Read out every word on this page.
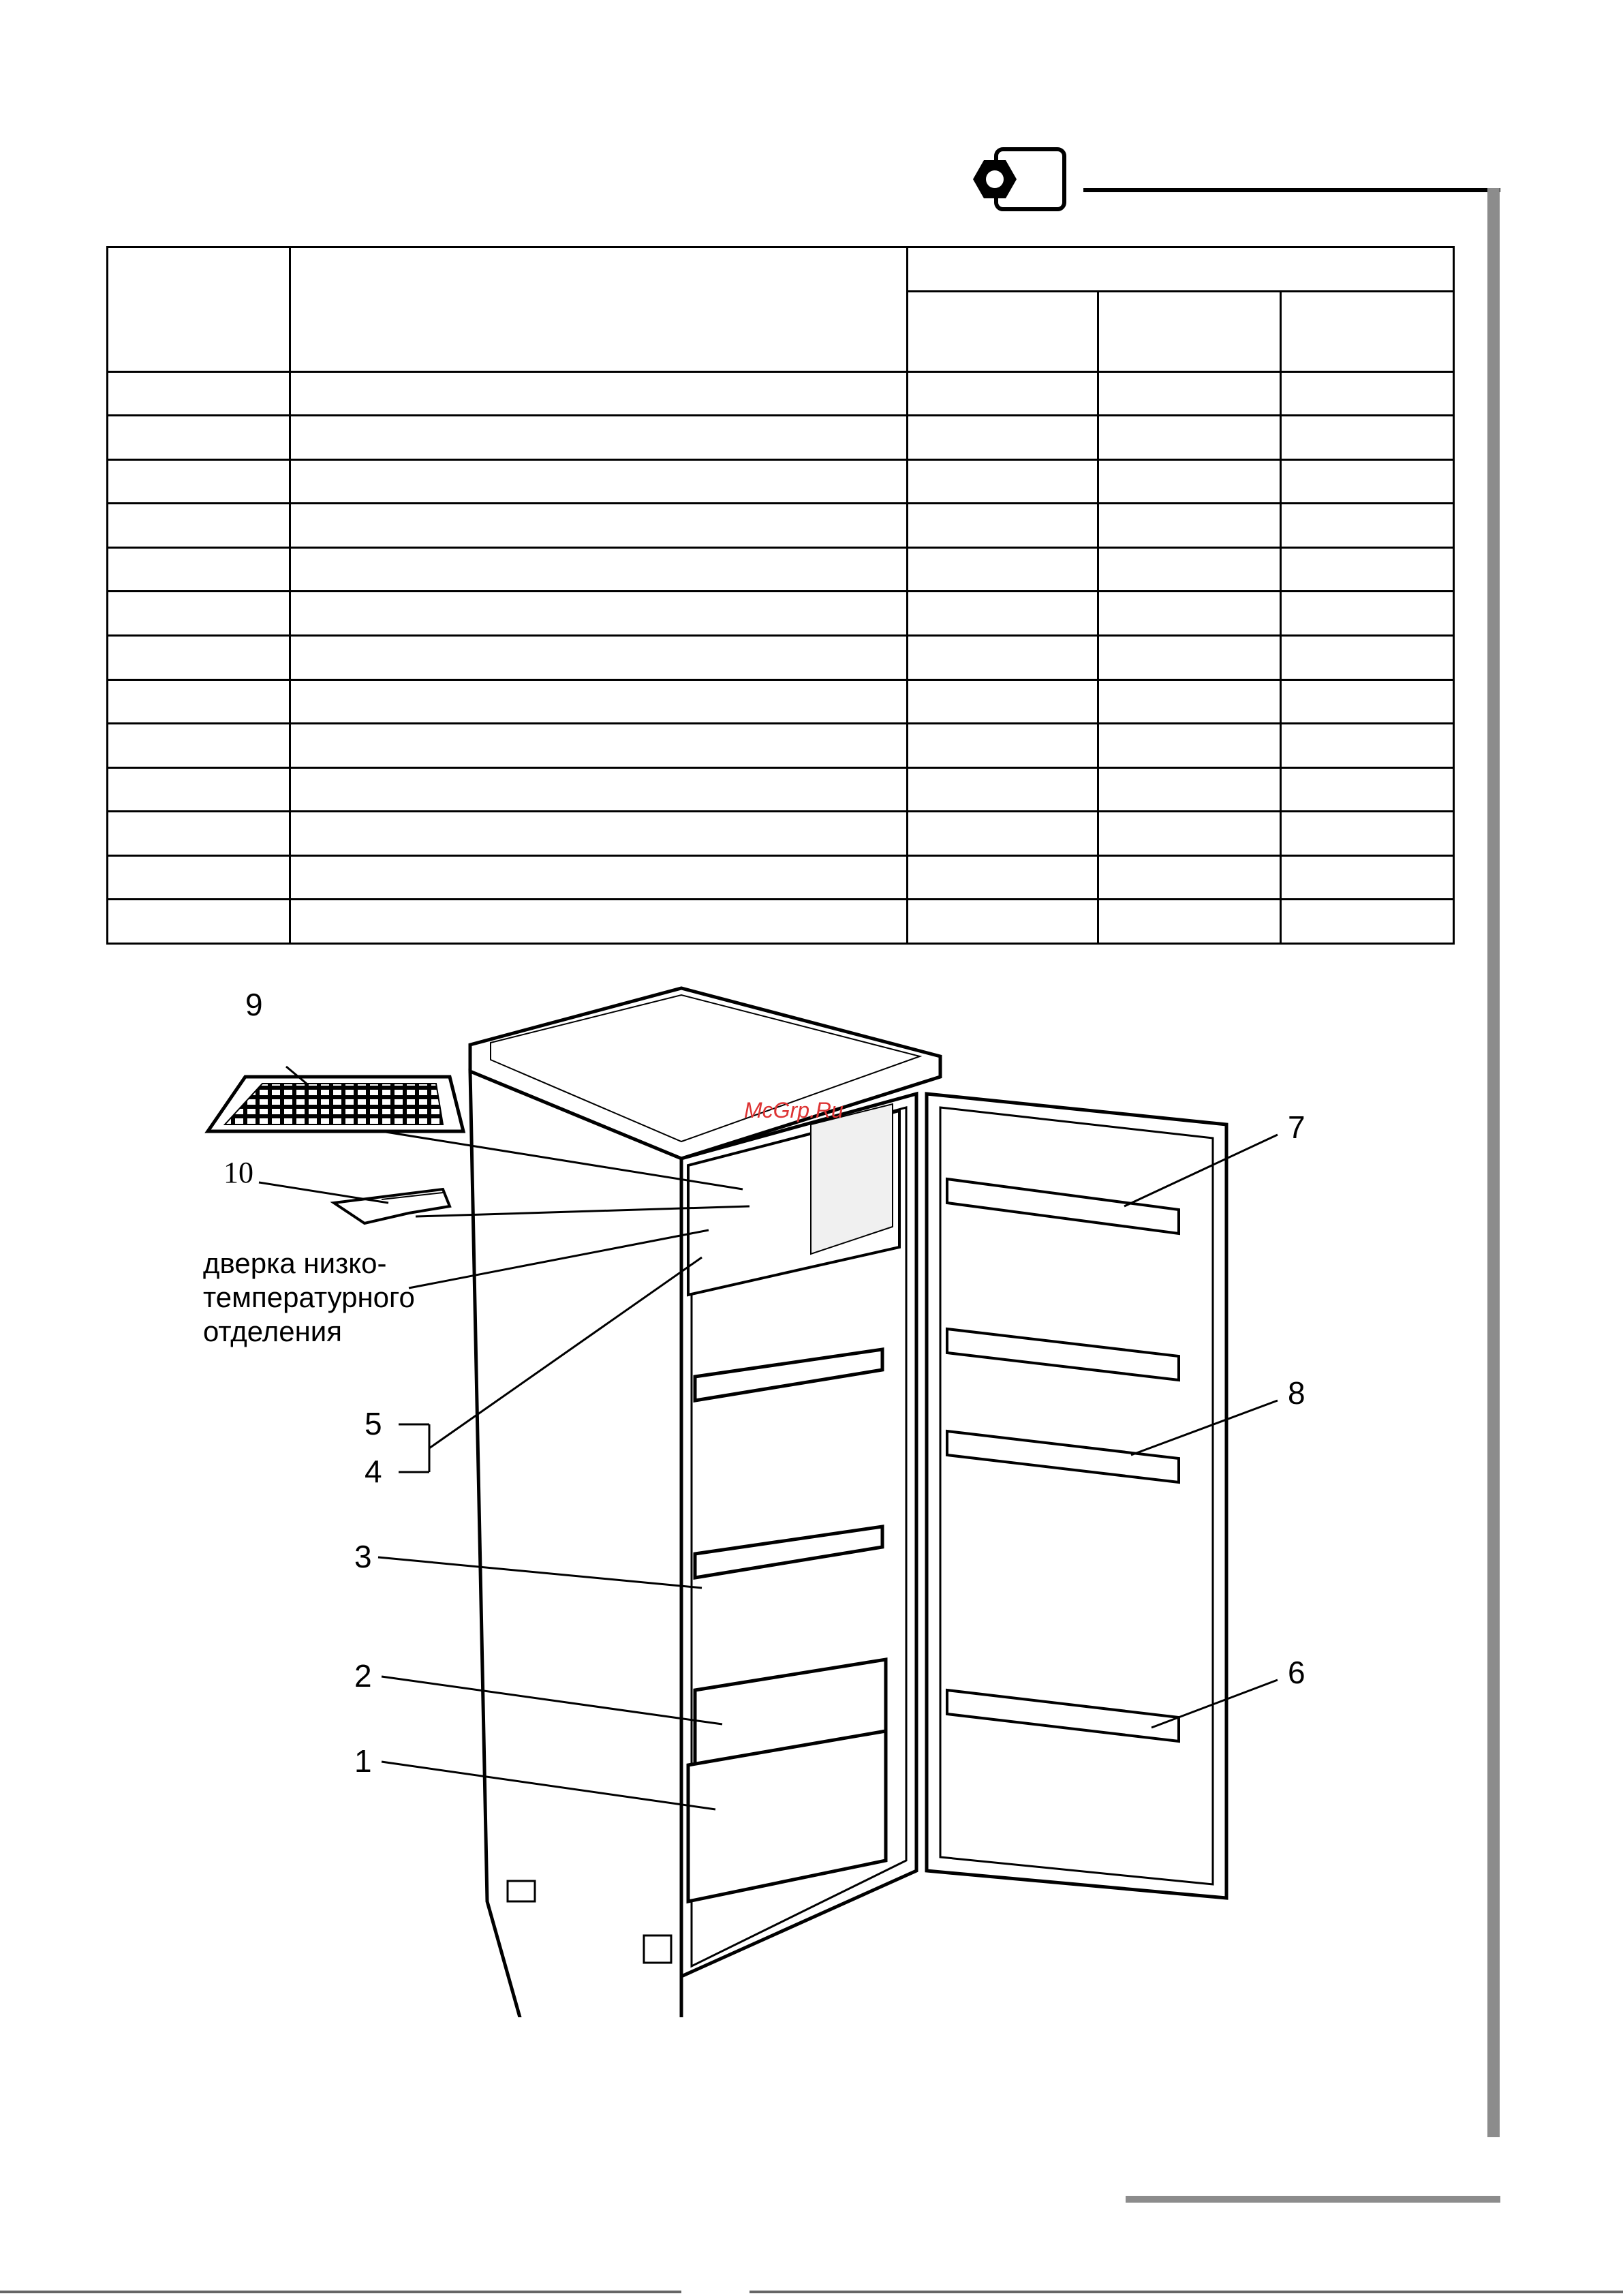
9
10
дверка низко-
температурного
отделения
5
4
3
2
1
7
8
6
McGrp.Ru
